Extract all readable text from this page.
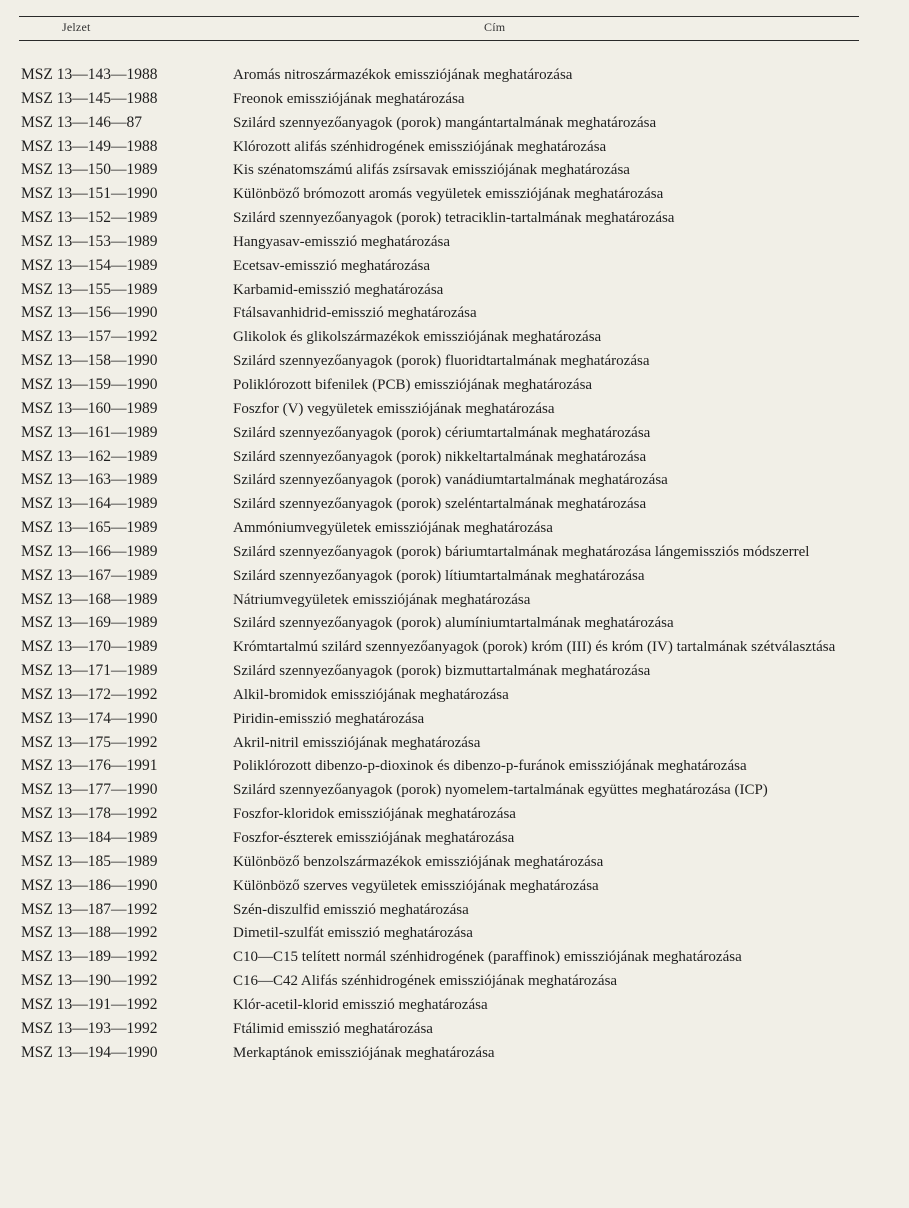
Jelzet	Cím
MSZ 13—143—1988	Aromás nitroszármazékok emissziójának meghatározása
MSZ 13—145—1988	Freonok emissziójának meghatározása
MSZ 13—146—87	Szilárd szennyezőanyagok (porok) mangántartalmának meghatározása
MSZ 13—149—1988	Klórozott alifás szénhidrogének emissziójának meghatározása
MSZ 13—150—1989	Kis szénatomszámú alifás zsírsavak emissziójának meghatározása
MSZ 13—151—1990	Különböző brómozott aromás vegyületek emissziójának meghatározása
MSZ 13—152—1989	Szilárd szennyezőanyagok (porok) tetraciklin-tartalmának meghatározása
MSZ 13—153—1989	Hangyasav-emisszió meghatározása
MSZ 13—154—1989	Ecetsav-emisszió meghatározása
MSZ 13—155—1989	Karbamid-emisszió meghatározása
MSZ 13—156—1990	Ftálsavanhidrid-emisszió meghatározása
MSZ 13—157—1992	Glikolok és glikolszármazékok emissziójának meghatározása
MSZ 13—158—1990	Szilárd szennyezőanyagok (porok) fluoridtartalmának meghatározása
MSZ 13—159—1990	Poliklórozott bifenilek (PCB) emissziójának meghatározása
MSZ 13—160—1989	Foszfor (V) vegyületek emissziójának meghatározása
MSZ 13—161—1989	Szilárd szennyezőanyagok (porok) cériumtartalmának meghatározása
MSZ 13—162—1989	Szilárd szennyezőanyagok (porok) nikkeltartalmának meghatározása
MSZ 13—163—1989	Szilárd szennyezőanyagok (porok) vanádiumtartalmának meghatározása
MSZ 13—164—1989	Szilárd szennyezőanyagok (porok) szeléntartalmának meghatározása
MSZ 13—165—1989	Ammóniumvegyületek emissziójának meghatározása
MSZ 13—166—1989	Szilárd szennyezőanyagok (porok) báriumtartalmának meghatározása lángemissziós módszerrel
MSZ 13—167—1989	Szilárd szennyezőanyagok (porok) lítiumtartalmának meghatározása
MSZ 13—168—1989	Nátriumvegyületek emissziójának meghatározása
MSZ 13—169—1989	Szilárd szennyezőanyagok (porok) alumíniumtartalmának meghatározása
MSZ 13—170—1989	Krómtartalmú szilárd szennyezőanyagok (porok) króm (III) és króm (IV) tartalmának szétválasztása
MSZ 13—171—1989	Szilárd szennyezőanyagok (porok) bizmuttartalmának meghatározása
MSZ 13—172—1992	Alkil-bromidok emissziójának meghatározása
MSZ 13—174—1990	Piridin-emisszió meghatározása
MSZ 13—175—1992	Akril-nitril emissziójának meghatározása
MSZ 13—176—1991	Poliklórozott dibenzo-p-dioxinok és dibenzo-p-furánok emissziójának meghatározása
MSZ 13—177—1990	Szilárd szennyezőanyagok (porok) nyomelem-tartalmának együttes meghatározása (ICP)
MSZ 13—178—1992	Foszfor-kloridok emissziójának meghatározása
MSZ 13—184—1989	Foszfor-észterek emissziójának meghatározása
MSZ 13—185—1989	Különböző benzolszármazékok emissziójának meghatározása
MSZ 13—186—1990	Különböző szerves vegyületek emissziójának meghatározása
MSZ 13—187—1992	Szén-diszulfid emisszió meghatározása
MSZ 13—188—1992	Dimetil-szulfát emisszió meghatározása
MSZ 13—189—1992	C10—C15 telített normál szénhidrogének (paraffinok) emissziójának meghatározása
MSZ 13—190—1992	C16—C42 Alifás szénhidrogének emissziójának meghatározása
MSZ 13—191—1992	Klór-acetil-klorid emisszió meghatározása
MSZ 13—193—1992	Ftálimid emisszió meghatározása
MSZ 13—194—1990	Merkaptánok emissziójának meghatározása
